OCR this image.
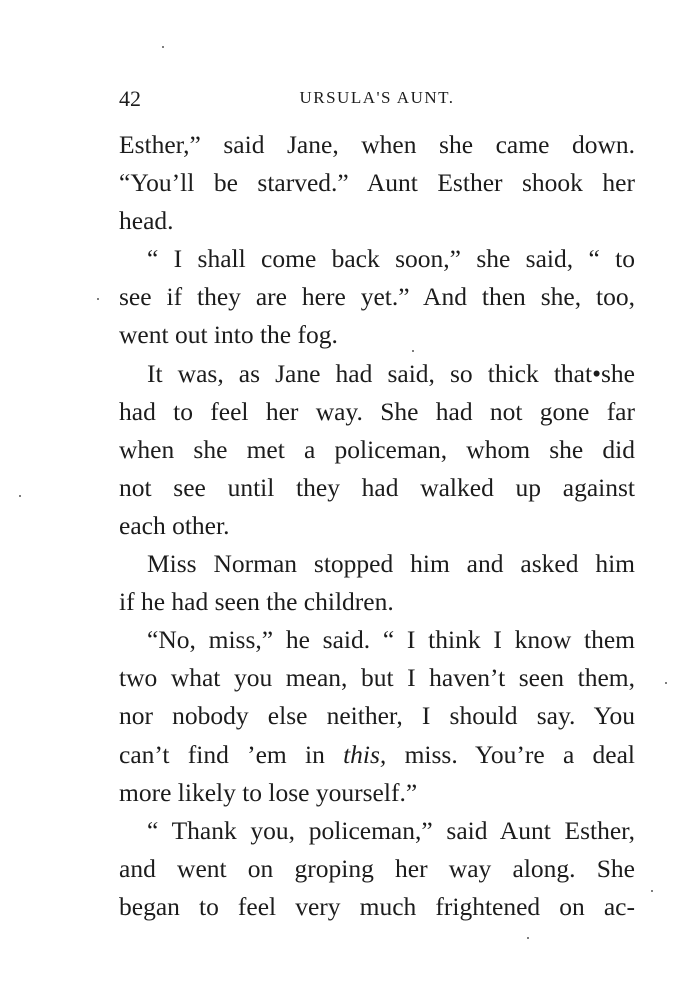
42	URSULA'S AUNT.
Esther,” said Jane, when she came down.
“You’ll be starved.” Aunt Esther shook her
head.
“ I shall come back soon,” she said, “ to
see if they are here yet.” And then she, too,
went out into the fog.
It was, as Jane had said, so thick that•she
had to feel her way. She had not gone far
when she met a policeman, whom she did
not see until they had walked up against
each other.
Miss Norman stopped him and asked him
if he had seen the children.
“No, miss,” he said. “ I think I know them
two what you mean, but I haven’t seen them,
nor nobody else neither, I should say. You
can’t find ’em in this, miss. You’re a deal
more likely to lose yourself.”
“ Thank you, policeman,” said Aunt Esther,
and went on groping her way along. She
began to feel very much frightened on ac-
